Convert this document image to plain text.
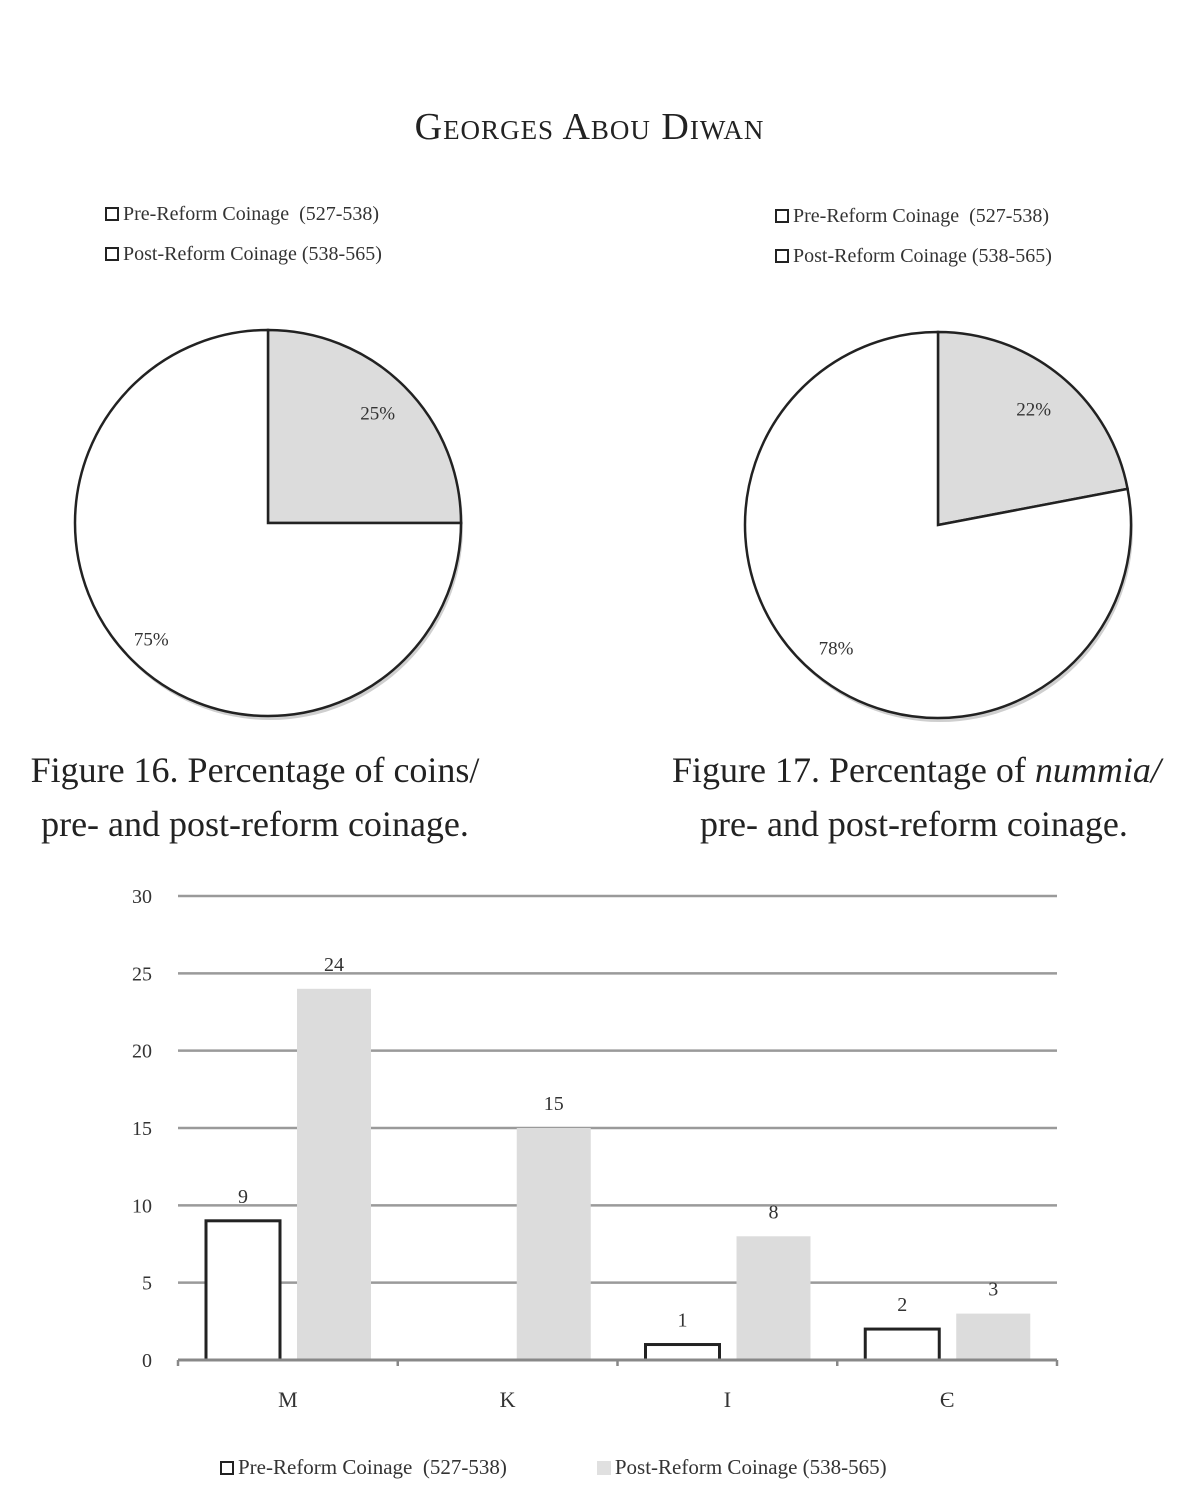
Georges Abou Diwan
Pre-Reform Coinage  (527-538)
Post-Reform Coinage (538-565)
Pre-Reform Coinage  (527-538)
Post-Reform Coinage (538-565)
25%
75%
22%
78%
Figure 16. Percentage of coins/
pre- and post-reform coinage.
Figure 17. Percentage of nummia/
pre- and post-reform coinage.
0
5
10
15
20
25
30
9
1
2
24
15
8
3
M	K	I	Є
Pre-Reform Coinage  (527-538)	Post-Reform Coinage (538-565)
